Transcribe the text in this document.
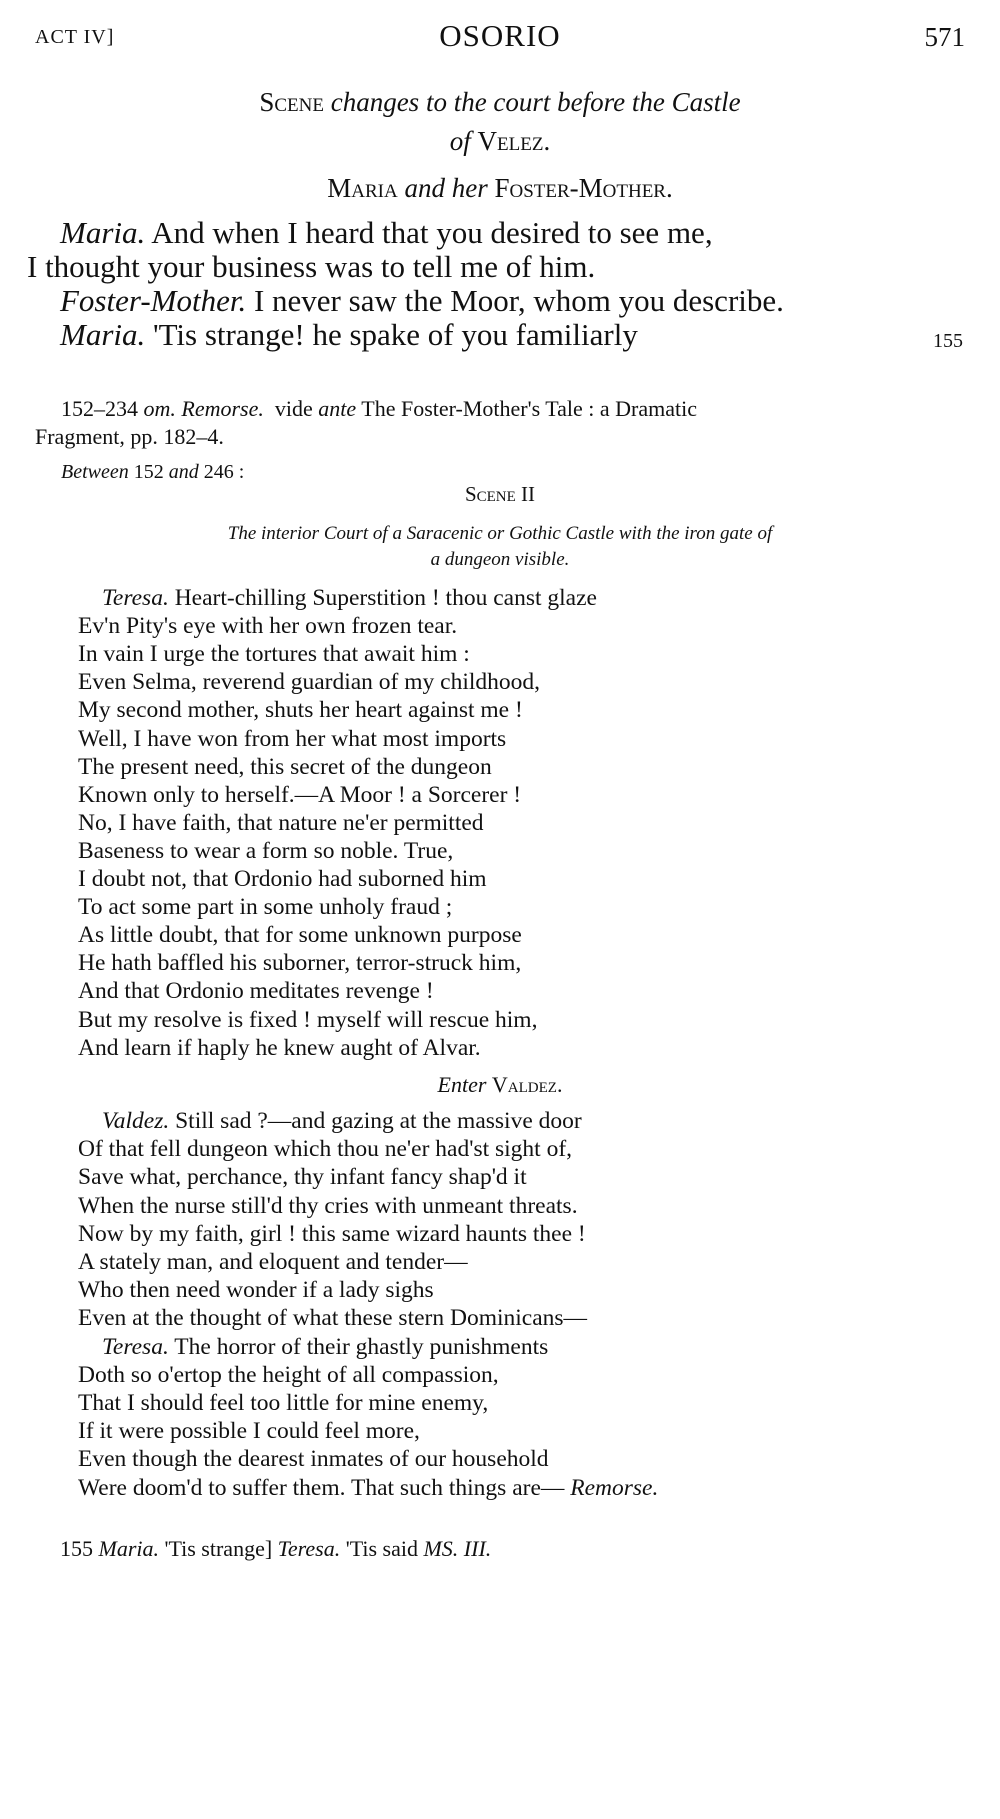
ACT IV]	OSORIO	571
Scene changes to the court before the Castle
of Velez.
Maria and her Foster-Mother.
Maria. And when I heard that you desired to see me,
I thought your business was to tell me of him.
Foster-Mother. I never saw the Moor, whom you describe.
Maria. 'Tis strange! he spake of you familiarly	155
152–234 om. Remorse. vide ante The Foster-Mother's Tale : a Dramatic
Fragment, pp. 182–4.
Between 152 and 246 :
Scene II
The interior Court of a Saracenic or Gothic Castle with the iron gate of
a dungeon visible.
Teresa. Heart-chilling Superstition ! thou canst glaze
Ev'n Pity's eye with her own frozen tear.
In vain I urge the tortures that await him :
Even Selma, reverend guardian of my childhood,
My second mother, shuts her heart against me !
Well, I have won from her what most imports
The present need, this secret of the dungeon
Known only to herself.—A Moor ! a Sorcerer !
No, I have faith, that nature ne'er permitted
Baseness to wear a form so noble. True,
I doubt not, that Ordonio had suborned him
To act some part in some unholy fraud ;
As little doubt, that for some unknown purpose
He hath baffled his suborner, terror-struck him,
And that Ordonio meditates revenge !
But my resolve is fixed ! myself will rescue him,
And learn if haply he knew aught of Alvar.
Enter Valdez.
Valdez. Still sad ?—and gazing at the massive door
Of that fell dungeon which thou ne'er had'st sight of,
Save what, perchance, thy infant fancy shap'd it
When the nurse still'd thy cries with unmeant threats.
Now by my faith, girl ! this same wizard haunts thee !
A stately man, and eloquent and tender—
Who then need wonder if a lady sighs
Even at the thought of what these stern Dominicans—
Teresa. The horror of their ghastly punishments
Doth so o'ertop the height of all compassion,
That I should feel too little for mine enemy,
If it were possible I could feel more,
Even though the dearest inmates of our household
Were doom'd to suffer them. That such things are— Remorse.
155 Maria. 'Tis strange] Teresa. 'Tis said MS. III.
